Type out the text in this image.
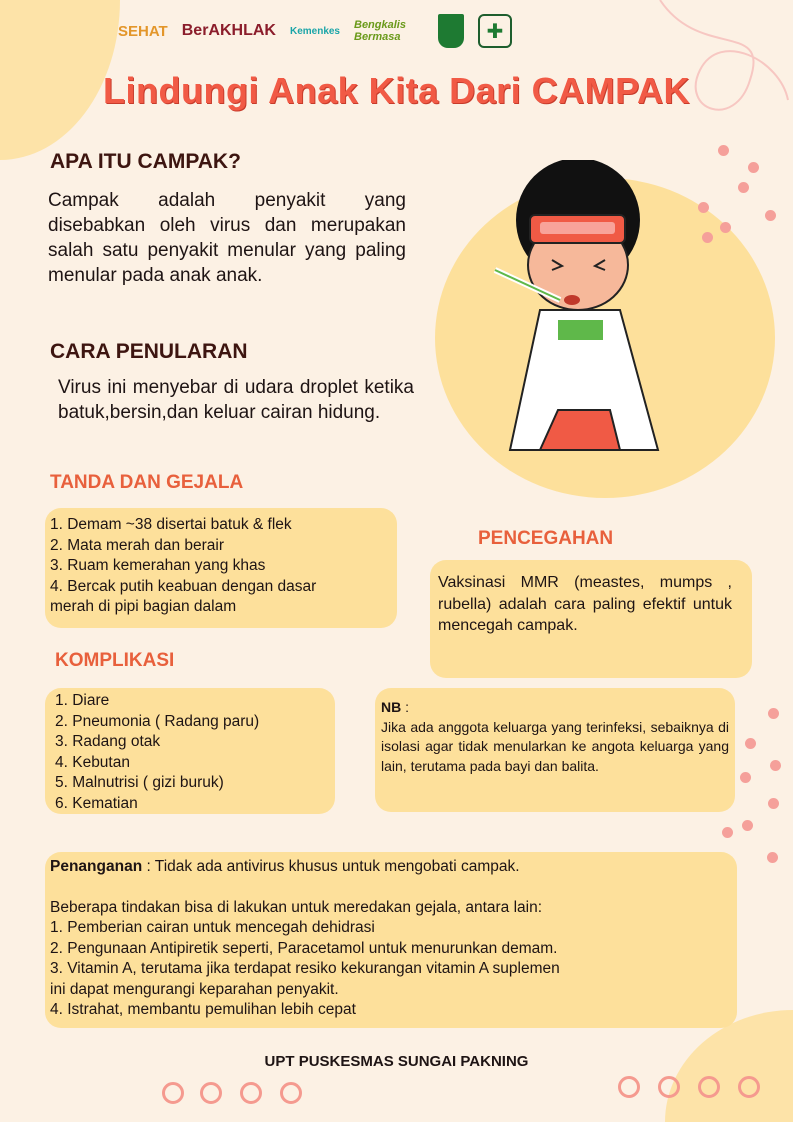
SEHAT BerAKHLAK Kemenkes Bengkalis Bermasa	✚
Lindungi Anak Kita Dari CAMPAK
APA ITU CAMPAK?
Campak adalah penyakit yang disebabkan oleh virus dan merupakan salah satu penyakit menular yang paling menular pada anak anak.
CARA PENULARAN
Virus ini menyebar di udara droplet ketika batuk,bersin,dan keluar cairan hidung.
TANDA DAN GEJALA
1. Demam ~38 disertai batuk & flek
2. Mata merah dan berair
3. Ruam kemerahan yang khas
4. Bercak putih keabuan dengan dasar
merah di pipi bagian dalam
PENCEGAHAN
Vaksinasi MMR (meastes, mumps , rubella) adalah cara paling efektif untuk mencegah campak.
KOMPLIKASI
1. Diare
2. Pneumonia ( Radang paru)
3. Radang otak
4. Kebutan
5. Malnutrisi ( gizi buruk)
6. Kematian
NB :
Jika ada anggota keluarga yang terinfeksi, sebaiknya di isolasi agar tidak menularkan ke angota keluarga yang lain, terutama pada bayi dan balita.
Penanganan : Tidak ada antivirus khusus untuk mengobati campak.
Beberapa tindakan bisa di lakukan untuk meredakan gejala, antara lain:
1. Pemberian cairan untuk mencegah dehidrasi
2. Pengunaan Antipiretik seperti, Paracetamol untuk menurunkan demam.
3. Vitamin A, terutama jika terdapat resiko kekurangan vitamin A suplemen
ini dapat mengurangi keparahan penyakit.
4. Istrahat, membantu pemulihan lebih cepat
UPT PUSKESMAS SUNGAI PAKNING
